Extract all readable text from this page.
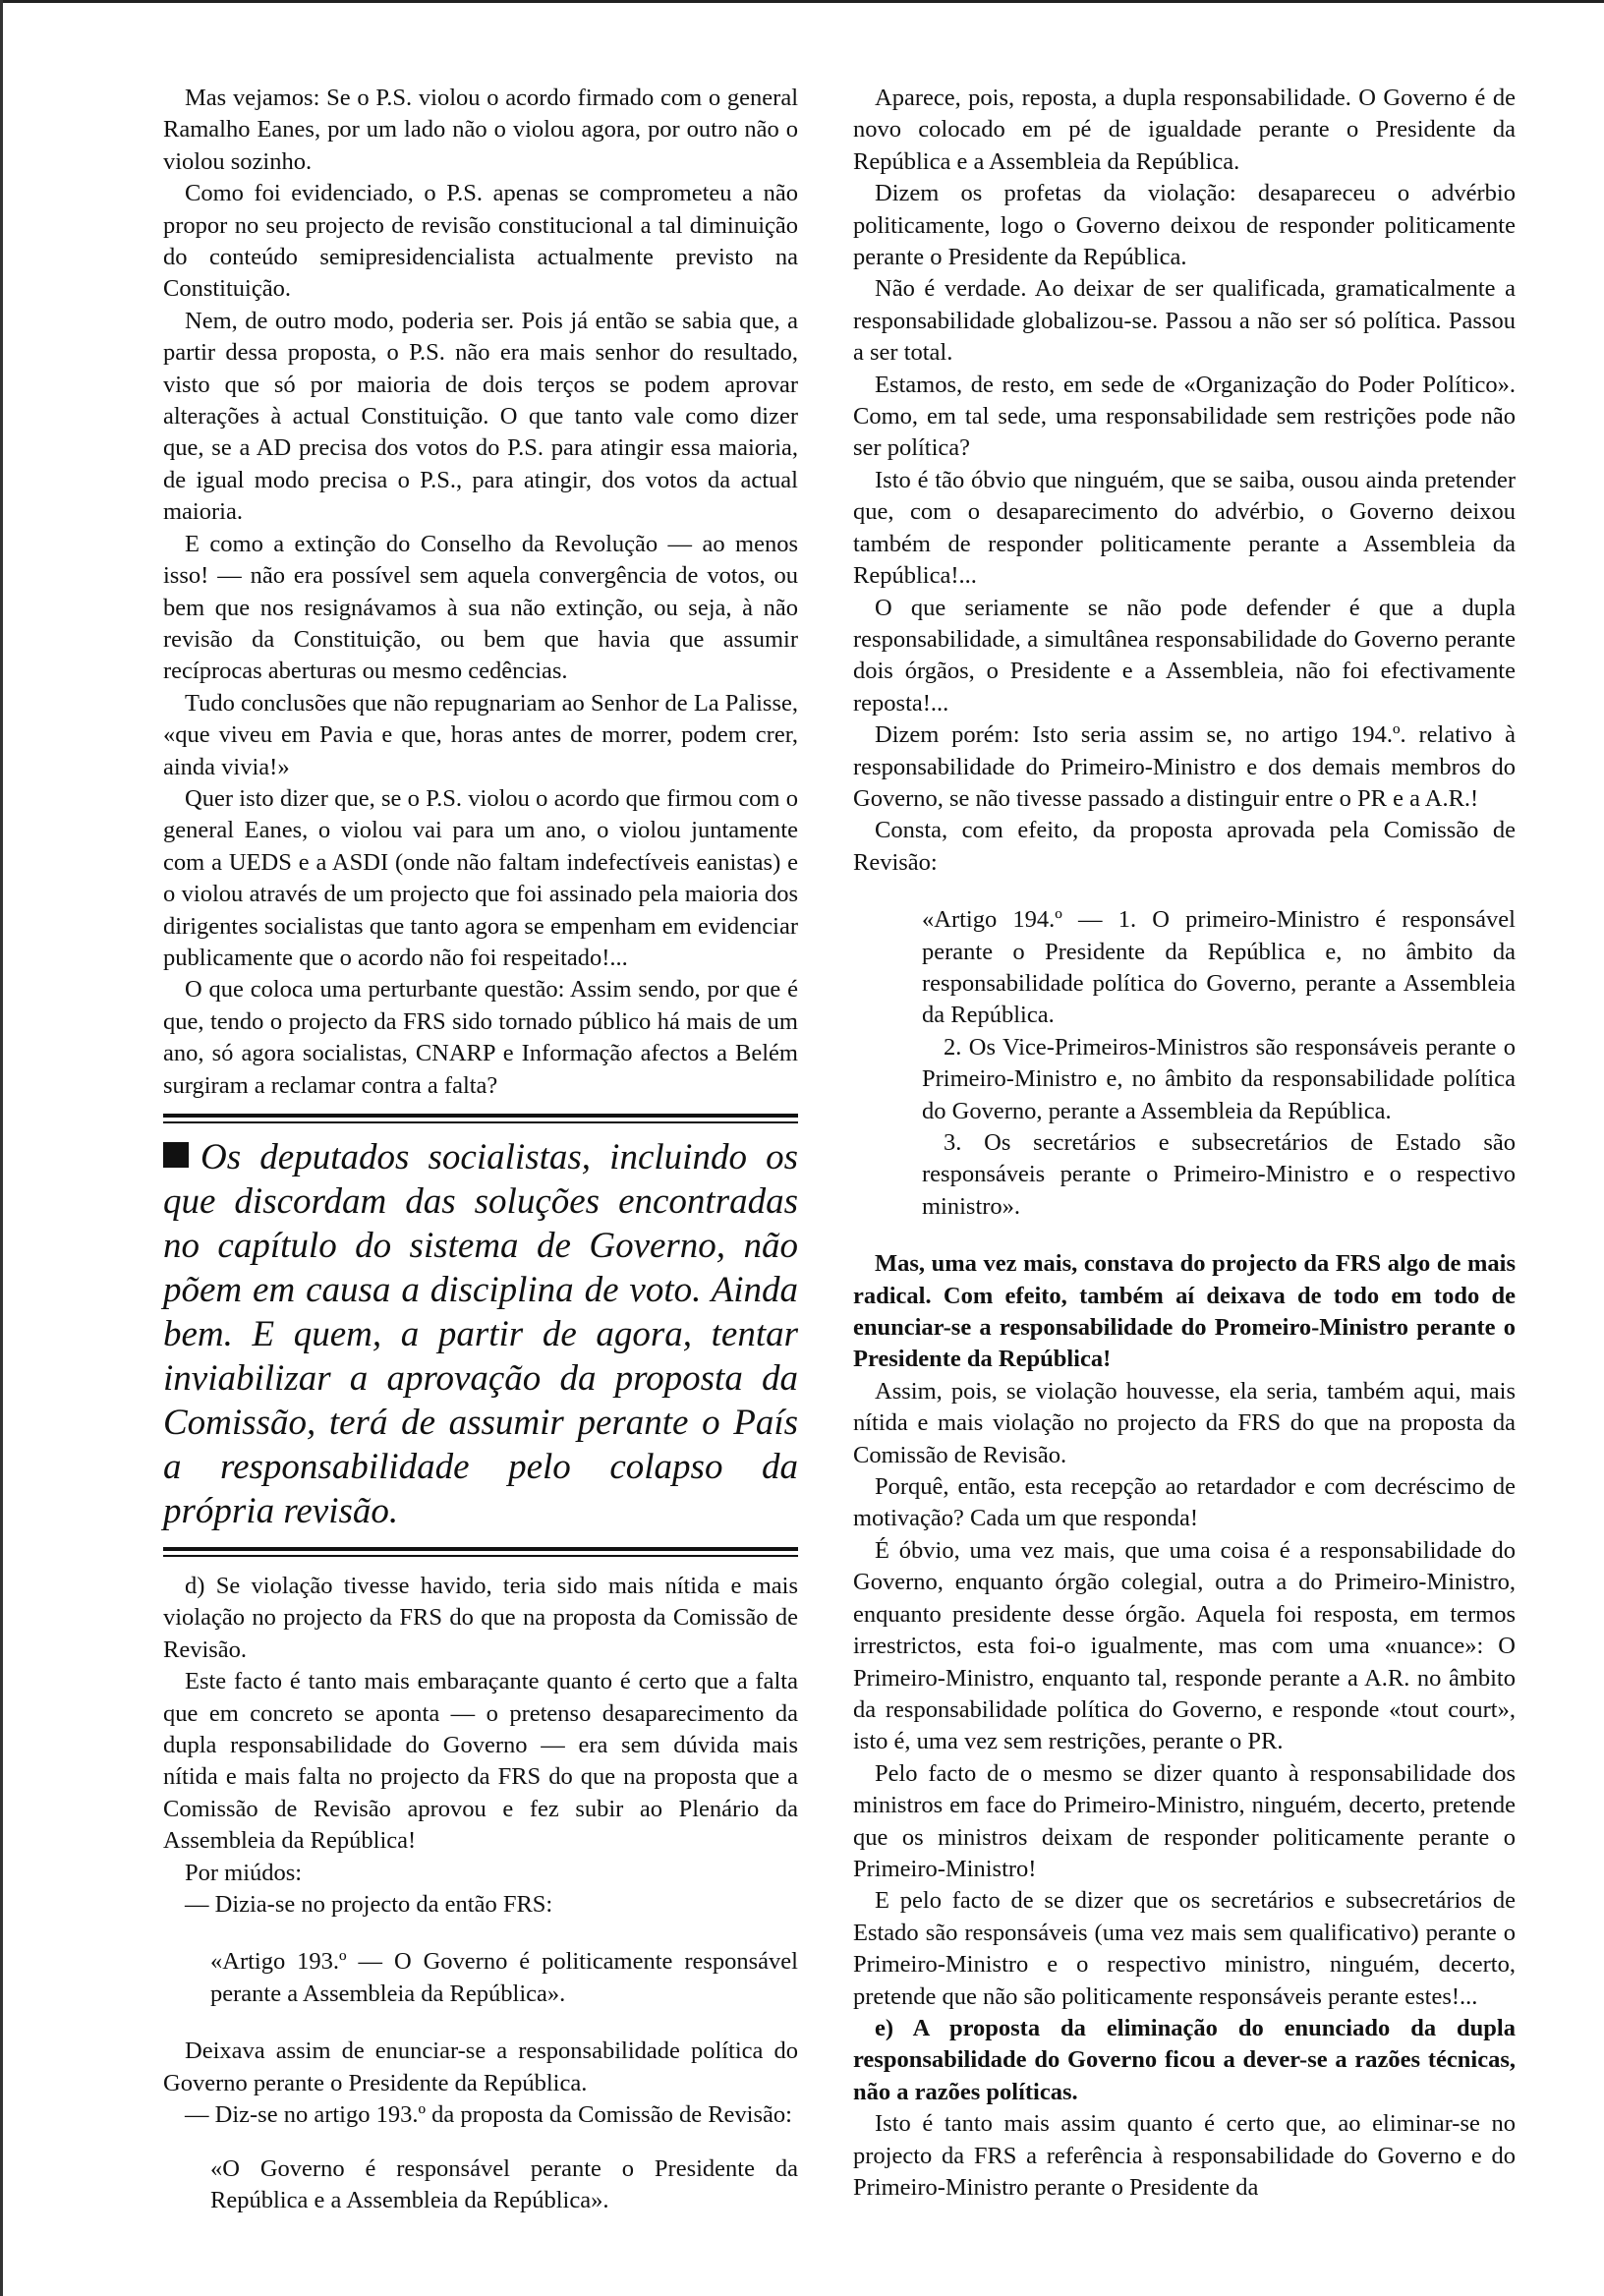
Mas vejamos: Se o P.S. violou o acordo firmado com o general Ramalho Eanes, por um lado não o violou agora, por outro não o violou sozinho.

Como foi evidenciado, o P.S. apenas se comprometeu a não propor no seu projecto de revisão constitucional a tal diminuição do conteúdo semipresidencialista actualmente previsto na Constituição.

Nem, de outro modo, poderia ser. Pois já então se sabia que, a partir dessa proposta, o P.S. não era mais senhor do resultado, visto que só por maioria de dois terços se podem aprovar alterações à actual Constituição. O que tanto vale como dizer que, se a AD precisa dos votos do P.S. para atingir essa maioria, de igual modo precisa o P.S., para atingir, dos votos da actual maioria.

E como a extinção do Conselho da Revolução — ao menos isso! — não era possível sem aquela convergência de votos, ou bem que nos resignávamos à sua não extinção, ou seja, à não revisão da Constituição, ou bem que havia que assumir recíprocas aberturas ou mesmo cedências.

Tudo conclusões que não repugnariam ao Senhor de La Palisse, «que viveu em Pavia e que, horas antes de morrer, podem crer, ainda vivia!»

Quer isto dizer que, se o P.S. violou o acordo que firmou com o general Eanes, o violou vai para um ano, o violou juntamente com a UEDS e a ASDI (onde não faltam indefectíveis eanistas) e o violou através de um projecto que foi assinado pela maioria dos dirigentes socialistas que tanto agora se empenham em evidenciar publicamente que o acordo não foi respeitado!...

O que coloca uma perturbante questão: Assim sendo, por que é que, tendo o projecto da FRS sido tornado público há mais de um ano, só agora socialistas, CNARP e Informação afectos a Belém surgiram a reclamar contra a falta?

Os deputados socialistas, incluindo os que discordam das soluções encontradas no capítulo do sistema de Governo, não põem em causa a disciplina de voto. Ainda bem. E quem, a partir de agora, tentar inviabilizar a aprovação da proposta da Comissão, terá de assumir perante o País a responsabilidade pelo colapso da própria revisão.

d) Se violação tivesse havido, teria sido mais nítida e mais violação no projecto da FRS do que na proposta da Comissão de Revisão.

Este facto é tanto mais embaraçante quanto é certo que a falta que em concreto se aponta — o pretenso desaparecimento da dupla responsabilidade do Governo — era sem dúvida mais nítida e mais falta no projecto da FRS do que na proposta que a Comissão de Revisão aprovou e fez subir ao Plenário da Assembleia da República!

Por miúdos:

— Dizia-se no projecto da então FRS:

«Artigo 193.º — O Governo é politicamente responsável perante a Assembleia da República».

Deixava assim de enunciar-se a responsabilidade política do Governo perante o Presidente da República.

— Diz-se no artigo 193.º da proposta da Comissão de Revisão:

«O Governo é responsável perante o Presidente da República e a Assembleia da República».

Aparece, pois, reposta, a dupla responsabilidade. O Governo é de novo colocado em pé de igualdade perante o Presidente da República e a Assembleia da República.

Dizem os profetas da violação: desapareceu o advérbio politicamente, logo o Governo deixou de responder politicamente perante o Presidente da República.

Não é verdade. Ao deixar de ser qualificada, gramaticalmente a responsabilidade globalizou-se. Passou a não ser só política. Passou a ser total.

Estamos, de resto, em sede de «Organização do Poder Político». Como, em tal sede, uma responsabilidade sem restrições pode não ser política?

Isto é tão óbvio que ninguém, que se saiba, ousou ainda pretender que, com o desaparecimento do advérbio, o Governo deixou também de responder politicamente perante a Assembleia da República!...

O que seriamente se não pode defender é que a dupla responsabilidade, a simultânea responsabilidade do Governo perante dois órgãos, o Presidente e a Assembleia, não foi efectivamente reposta!...

Dizem porém: Isto seria assim se, no artigo 194.º. relativo à responsabilidade do Primeiro-Ministro e dos demais membros do Governo, se não tivesse passado a distinguir entre o PR e a A.R.!

Consta, com efeito, da proposta aprovada pela Comissão de Revisão:

«Artigo 194.º — 1. O primeiro-Ministro é responsável perante o Presidente da República e, no âmbito da responsabilidade política do Governo, perante a Assembleia da República.

2. Os Vice-Primeiros-Ministros são responsáveis perante o Primeiro-Ministro e, no âmbito da responsabilidade política do Governo, perante a Assembleia da República.

3. Os secretários e subsecretários de Estado são responsáveis perante o Primeiro-Ministro e o respectivo ministro».

Mas, uma vez mais, constava do projecto da FRS algo de mais radical. Com efeito, também aí deixava de todo em todo de enunciar-se a responsabilidade do Promeiro-Ministro perante o Presidente da República!

Assim, pois, se violação houvesse, ela seria, também aqui, mais nítida e mais violação no projecto da FRS do que na proposta da Comissão de Revisão.

Porquê, então, esta recepção ao retardador e com decréscimo de motivação? Cada um que responda!

É óbvio, uma vez mais, que uma coisa é a responsabilidade do Governo, enquanto órgão colegial, outra a do Primeiro-Ministro, enquanto presidente desse órgão. Aquela foi resposta, em termos irrestrictos, esta foi-o igualmente, mas com uma «nuance»: O Primeiro-Ministro, enquanto tal, responde perante a A.R. no âmbito da responsabilidade política do Governo, e responde «tout court», isto é, uma vez sem restrições, perante o PR.

Pelo facto de o mesmo se dizer quanto à responsabilidade dos ministros em face do Primeiro-Ministro, ninguém, decerto, pretende que os ministros deixam de responder politicamente perante o Primeiro-Ministro!

E pelo facto de se dizer que os secretários e subsecretários de Estado são responsáveis (uma vez mais sem qualificativo) perante o Primeiro-Ministro e o respectivo ministro, ninguém, decerto, pretende que não são politicamente responsáveis perante estes!...

e) A proposta da eliminação do enunciado da dupla responsabilidade do Governo ficou a dever-se a razões técnicas, não a razões políticas.

Isto é tanto mais assim quanto é certo que, ao eliminar-se no projecto da FRS a referência à responsabilidade do Governo e do Primeiro-Ministro perante o Presidente da
